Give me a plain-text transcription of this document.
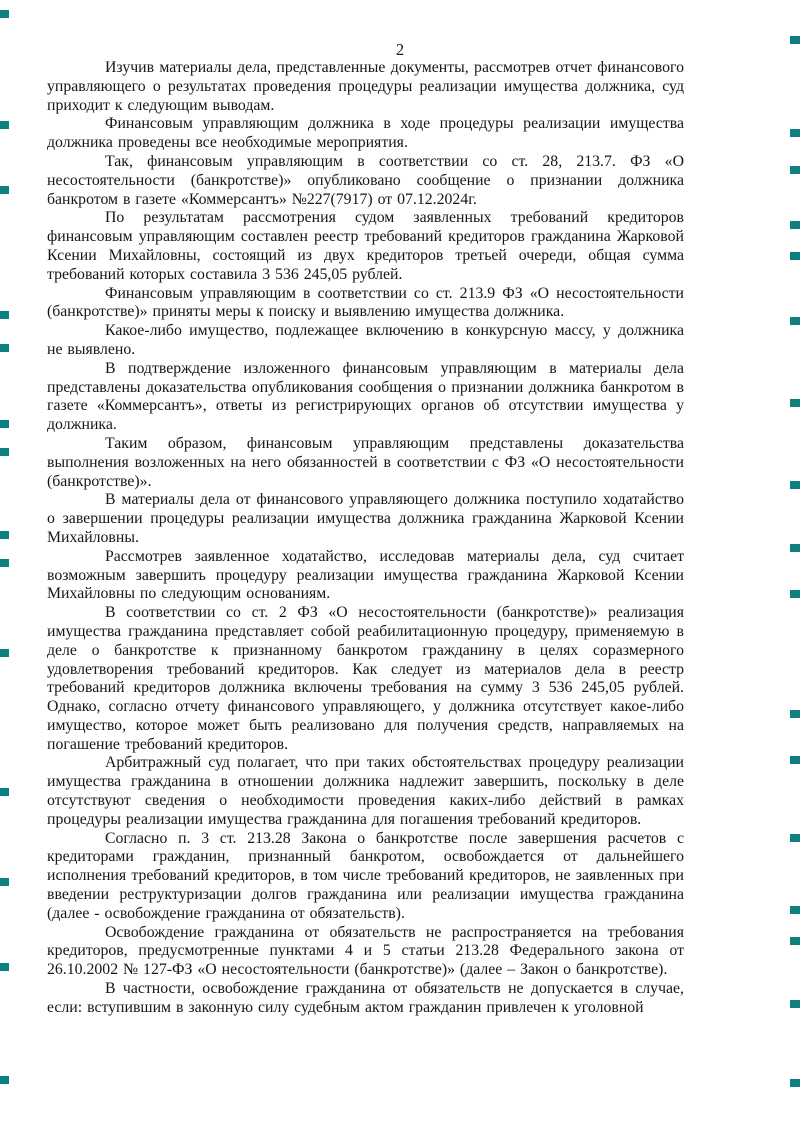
2

Изучив материалы дела, представленные документы, рассмотрев отчет финансового управляющего о результатах проведения процедуры реализации имущества должника, суд приходит к следующим выводам.

Финансовым управляющим должника в ходе процедуры реализации имущества должника проведены все необходимые мероприятия.

Так, финансовым управляющим в соответствии со ст. 28, 213.7. ФЗ «О несостоятельности (банкротстве)» опубликовано сообщение о признании должника банкротом в газете «Коммерсантъ» №227(7917) от 07.12.2024г.

По результатам рассмотрения судом заявленных требований кредиторов финансовым управляющим составлен реестр требований кредиторов гражданина Жарковой Ксении Михайловны, состоящий из двух кредиторов третьей очереди, общая сумма требований которых составила 3 536 245,05 рублей.

Финансовым управляющим в соответствии со ст. 213.9 ФЗ «О несостоятельности (банкротстве)» приняты меры к поиску и выявлению имущества должника.

Какое-либо имущество, подлежащее включению в конкурсную массу, у должника не выявлено.

В подтверждение изложенного финансовым управляющим в материалы дела представлены доказательства опубликования сообщения о признании должника банкротом в газете «Коммерсантъ», ответы из регистрирующих органов об отсутствии имущества у должника.

Таким образом, финансовым управляющим представлены доказательства выполнения возложенных на него обязанностей в соответствии с ФЗ «О несостоятельности (банкротстве)».

В материалы дела от финансового управляющего должника поступило ходатайство о завершении процедуры реализации имущества должника гражданина Жарковой Ксении Михайловны.

Рассмотрев заявленное ходатайство, исследовав материалы дела, суд считает возможным завершить процедуру реализации имущества гражданина Жарковой Ксении Михайловны по следующим основаниям.

В соответствии со ст. 2 ФЗ «О несостоятельности (банкротстве)» реализация имущества гражданина представляет собой реабилитационную процедуру, применяемую в деле о банкротстве к признанному банкротом гражданину в целях соразмерного удовлетворения требований кредиторов. Как следует из материалов дела в реестр требований кредиторов должника включены требования на сумму 3 536 245,05 рублей. Однако, согласно отчету финансового управляющего, у должника отсутствует какое-либо имущество, которое может быть реализовано для получения средств, направляемых на погашение требований кредиторов.

Арбитражный суд полагает, что при таких обстоятельствах процедуру реализации имущества гражданина в отношении должника надлежит завершить, поскольку в деле отсутствуют сведения о необходимости проведения каких-либо действий в рамках процедуры реализации имущества гражданина для погашения требований кредиторов.

Согласно п. 3 ст. 213.28 Закона о банкротстве после завершения расчетов с кредиторами гражданин, признанный банкротом, освобождается от дальнейшего исполнения требований кредиторов, в том числе требований кредиторов, не заявленных при введении реструктуризации долгов гражданина или реализации имущества гражданина (далее - освобождение гражданина от обязательств).

Освобождение гражданина от обязательств не распространяется на требования кредиторов, предусмотренные пунктами 4 и 5 статьи 213.28 Федерального закона от 26.10.2002 № 127-ФЗ «О несостоятельности (банкротстве)» (далее – Закон о банкротстве).

В частности, освобождение гражданина от обязательств не допускается в случае, если: вступившим в законную силу судебным актом гражданин привлечен к уголовной
